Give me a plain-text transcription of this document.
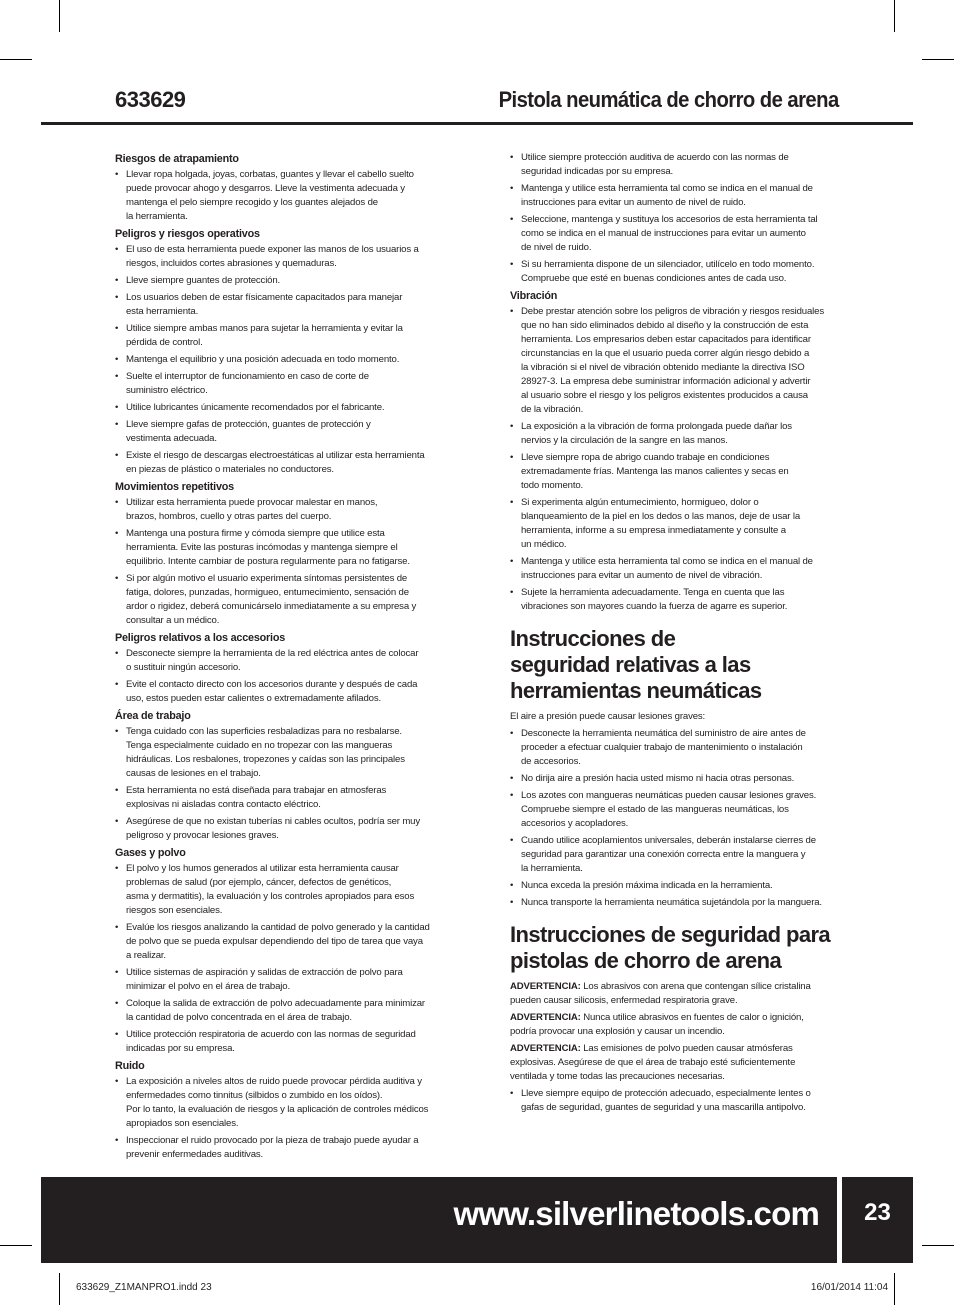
633629	Pistola neumática de chorro de arena
Riesgos de atrapamiento
• Llevar ropa holgada, joyas, corbatas, guantes y llevar el cabello suelto
puede provocar ahogo y desgarros. Lleve la vestimenta adecuada y
mantenga el pelo siempre recogido y los guantes alejados de
la herramienta.
Peligros y riesgos operativos
• El uso de esta herramienta puede exponer las manos de los usuarios a
riesgos, incluidos cortes abrasiones y quemaduras.
• Lleve siempre guantes de protección.
• Los usuarios deben de estar físicamente capacitados para manejar
esta herramienta.
• Utilice siempre ambas manos para sujetar la herramienta y evitar la
pérdida de control.
• Mantenga el equilibrio y una posición adecuada en todo momento.
• Suelte el interruptor de funcionamiento en caso de corte de
suministro eléctrico.
• Utilice lubricantes únicamente recomendados por el fabricante.
• Lleve siempre gafas de protección, guantes de protección y
vestimenta adecuada.
• Existe el riesgo de descargas electroestáticas al utilizar esta herramienta
en piezas de plástico o materiales no conductores.
Movimientos repetitivos
• Utilizar esta herramienta puede provocar malestar en manos,
brazos, hombros, cuello y otras partes del cuerpo.
• Mantenga una postura firme y cómoda siempre que utilice esta
herramienta. Evite las posturas incómodas y mantenga siempre el
equilibrio. Intente cambiar de postura regularmente para no fatigarse.
• Si por algún motivo el usuario experimenta síntomas persistentes de
fatiga, dolores, punzadas, hormigueo, entumecimiento, sensación de
ardor o rigidez, deberá comunicárselo inmediatamente a su empresa y
consultar a un médico.
Peligros relativos a los accesorios
• Desconecte siempre la herramienta de la red eléctrica antes de colocar
o sustituir ningún accesorio.
• Evite el contacto directo con los accesorios durante y después de cada
uso, estos pueden estar calientes o extremadamente afilados.
Área de trabajo
• Tenga cuidado con las superficies resbaladizas para no resbalarse.
Tenga especialmente cuidado en no tropezar con las mangueras
hidráulicas. Los resbalones, tropezones y caídas son las principales
causas de lesiones en el trabajo.
• Esta herramienta no está diseñada para trabajar en atmosferas
explosivas ni aisladas contra contacto eléctrico.
• Asegúrese de que no existan tuberías ni cables ocultos, podría ser muy
peligroso y provocar lesiones graves.
Gases y polvo
• El polvo y los humos generados al utilizar esta herramienta causar
problemas de salud (por ejemplo, cáncer, defectos de genéticos,
asma y dermatitis), la evaluación y los controles apropiados para esos
riesgos son esenciales.
• Evalúe los riesgos analizando la cantidad de polvo generado y la cantidad
de polvo que se pueda expulsar dependiendo del tipo de tarea que vaya
a realizar.
• Utilice sistemas de aspiración y salidas de extracción de polvo para
minimizar el polvo en el área de trabajo.
• Coloque la salida de extracción de polvo adecuadamente para minimizar
la cantidad de polvo concentrada en el área de trabajo.
• Utilice protección respiratoria de acuerdo con las normas de seguridad
indicadas por su empresa.
Ruido
• La exposición a niveles altos de ruido puede provocar pérdida auditiva y
enfermedades como tinnitus (silbidos o zumbido en los oídos).
Por lo tanto, la evaluación de riesgos y la aplicación de controles médicos
apropiados son esenciales.
• Inspeccionar el ruido provocado por la pieza de trabajo puede ayudar a
prevenir enfermedades auditivas.
• Utilice siempre protección auditiva de acuerdo con las normas de
seguridad indicadas por su empresa.
• Mantenga y utilice esta herramienta tal como se indica en el manual de
instrucciones para evitar un aumento de nivel de ruido.
• Seleccione, mantenga y sustituya los accesorios de esta herramienta tal
como se indica en el manual de instrucciones para evitar un aumento
de nivel de ruido.
• Si su herramienta dispone de un silenciador, utilícelo en todo momento.
Compruebe que esté en buenas condiciones antes de cada uso.
Vibración
• Debe prestar atención sobre los peligros de vibración y riesgos residuales
que no han sido eliminados debido al diseño y la construcción de esta
herramienta. Los empresarios deben estar capacitados para identificar
circunstancias en la que el usuario pueda correr algún riesgo debido a
la vibración si el nivel de vibración obtenido mediante la directiva ISO
28927-3. La empresa debe suministrar información adicional y advertir
al usuario sobre el riesgo y los peligros existentes producidos a causa
de la vibración.
• La exposición a la vibración de forma prolongada puede dañar los
nervios y la circulación de la sangre en las manos.
• Lleve siempre ropa de abrigo cuando trabaje en condiciones
extremadamente frías. Mantenga las manos calientes y secas en
todo momento.
• Si experimenta algún entumecimiento, hormigueo, dolor o
blanqueamiento de la piel en los dedos o las manos, deje de usar la
herramienta, informe a su empresa inmediatamente y consulte a
un médico.
• Mantenga y utilice esta herramienta tal como se indica en el manual de
instrucciones para evitar un aumento de nivel de vibración.
• Sujete la herramienta adecuadamente. Tenga en cuenta que las
vibraciones son mayores cuando la fuerza de agarre es superior.
Instrucciones de
seguridad relativas a las
herramientas neumáticas
El aire a presión puede causar lesiones graves:
• Desconecte la herramienta neumática del suministro de aire antes de
proceder a efectuar cualquier trabajo de mantenimiento o instalación
de accesorios.
• No dirija aire a presión hacia usted mismo ni hacia otras personas.
• Los azotes con mangueras neumáticas pueden causar lesiones graves.
Compruebe siempre el estado de las mangueras neumáticas, los
accesorios y acopladores.
• Cuando utilice acoplamientos universales, deberán instalarse cierres de
seguridad para garantizar una conexión correcta entre la manguera y
la herramienta.
• Nunca exceda la presión máxima indicada en la herramienta.
• Nunca transporte la herramienta neumática sujetándola por la manguera.
Instrucciones de seguridad para
pistolas de chorro de arena
ADVERTENCIA: Los abrasivos con arena que contengan sílice cristalina
pueden causar silicosis, enfermedad respiratoria grave.
ADVERTENCIA: Nunca utilice abrasivos en fuentes de calor o ignición,
podría provocar una explosión y causar un incendio.
ADVERTENCIA: Las emisiones de polvo pueden causar atmósferas
explosivas. Asegúrese de que el área de trabajo esté suficientemente
ventilada y tome todas las precauciones necesarias.
• Lleve siempre equipo de protección adecuado, especialmente lentes o
gafas de seguridad, guantes de seguridad y una mascarilla antipolvo.
www.silverlinetools.com	23
633629_Z1MANPRO1.indd 23	16/01/2014 11:04
